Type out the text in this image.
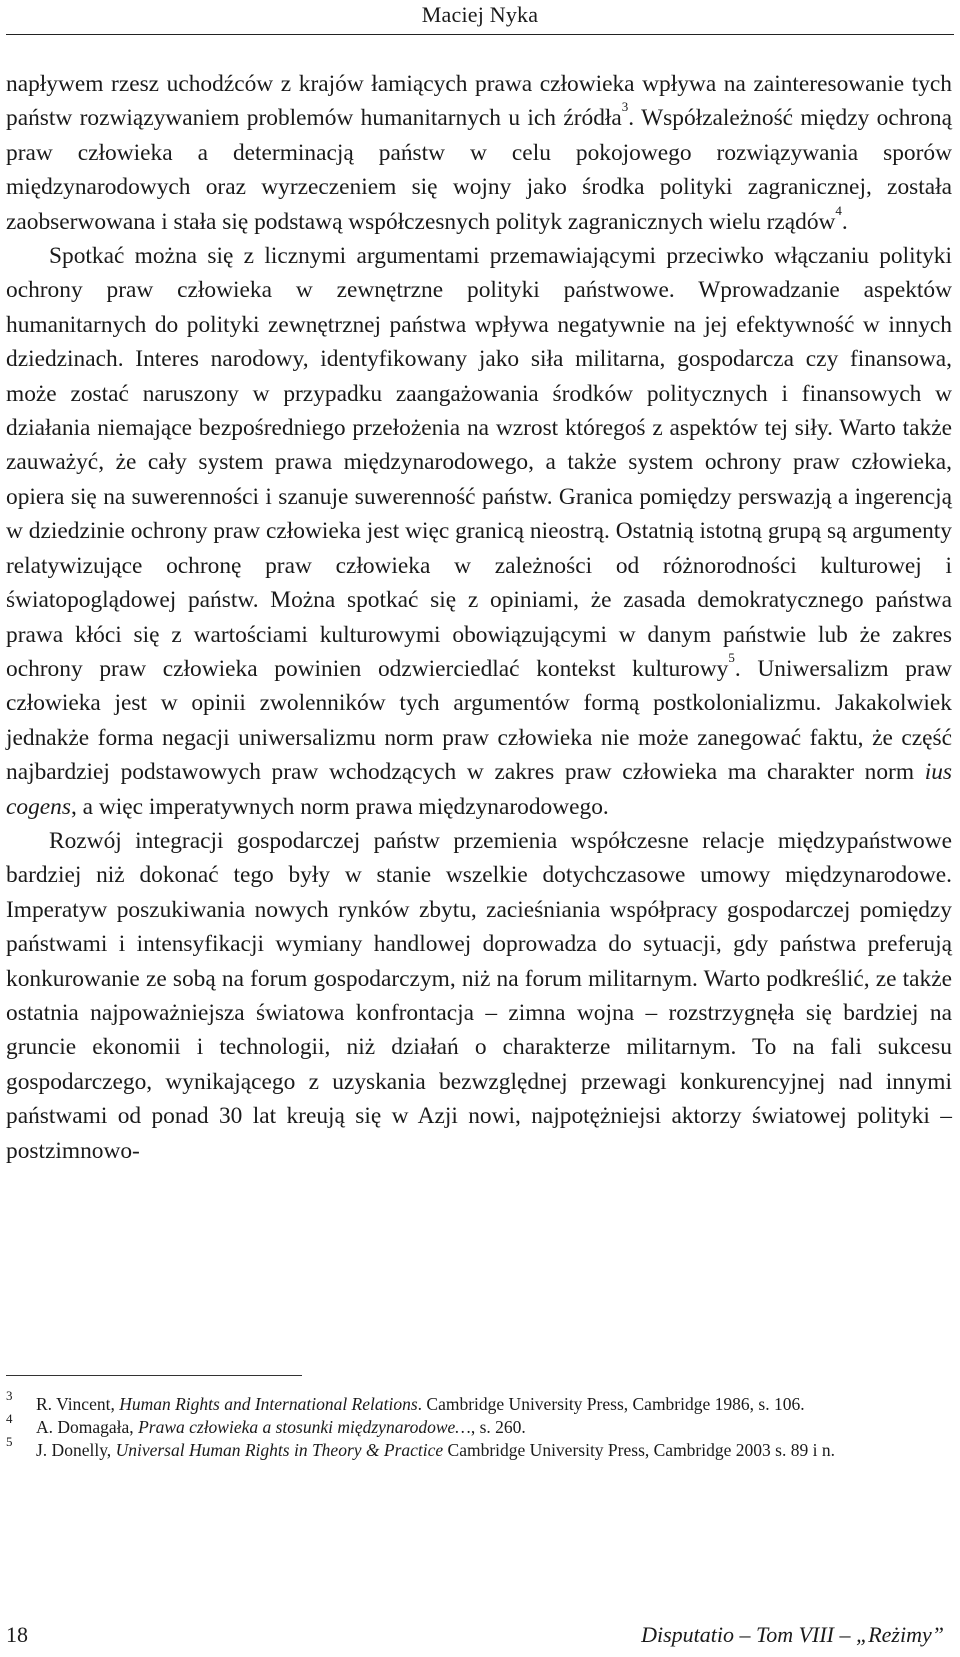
Maciej Nyka

napływem rzesz uchodźców z krajów łamiących prawa człowieka wpływa na zainteresowanie tych państw rozwiązywaniem problemów humanitarnych u ich źródła$^3$. Współzależność między ochroną praw człowieka a determinacją państw w celu pokojowego rozwiązywania sporów międzynarodowych oraz wyrzeczeniem się wojny jako środka polityki zagranicznej, została zaobserwowana i stała się podstawą współczesnych polityk zagranicznych wielu rządów$^4$.

Spotkać można się z licznymi argumentami przemawiającymi przeciwko włączaniu polityki ochrony praw człowieka w zewnętrzne polityki państwowe. Wprowadzanie aspektów humanitarnych do polityki zewnętrznej państwa wpływa negatywnie na jej efektywność w innych dziedzinach. Interes narodowy, identyfikowany jako siła militarna, gospodarcza czy finansowa, może zostać naruszony w przypadku zaangażowania środków politycznych i finansowych w działania niemające bezpośredniego przełożenia na wzrost któregoś z aspektów tej siły. Warto także zauważyć, że cały system prawa międzynarodowego, a także system ochrony praw człowieka, opiera się na suwerenności i szanuje suwerenność państw. Granica pomiędzy perswazją a ingerencją w dziedzinie ochrony praw człowieka jest więc granicą nieostrą. Ostatnią istotną grupą są argumenty relatywizujące ochronę praw człowieka w zależności od różnorodności kulturowej i światopoglądowej państw. Można spotkać się z opiniami, że zasada demokratycznego państwa prawa kłóci się z wartościami kulturowymi obowiązującymi w danym państwie lub że zakres ochrony praw człowieka powinien odzwierciedlać kontekst kulturowy$^5$. Uniwersalizm praw człowieka jest w opinii zwolenników tych argumentów formą postkolonializmu. Jakakolwiek jednakże forma negacji uniwersalizmu norm praw człowieka nie może zanegować faktu, że część najbardziej podstawowych praw wchodzących w zakres praw człowieka ma charakter norm ius cogens, a więc imperatywnych norm prawa międzynarodowego.

Rozwój integracji gospodarczej państw przemienia współczesne relacje międzypaństwowe bardziej niż dokonać tego były w stanie wszelkie dotychczasowe umowy międzynarodowe. Imperatyw poszukiwania nowych rynków zbytu, zacieśniania współpracy gospodarczej pomiędzy państwami i intensyfikacji wymiany handlowej doprowadza do sytuacji, gdy państwa preferują konkurowanie ze sobą na forum gospodarczym, niż na forum militarnym. Warto podkreślić, ze także ostatnia najpoważniejsza światowa konfrontacja – zimna wojna – rozstrzygnęła się bardziej na gruncie ekonomii i technologii, niż działań o charakterze militarnym. To na fali sukcesu gospodarczego, wynikającego z uzyskania bezwzględnej przewagi konkurencyjnej nad innymi państwami od ponad 30 lat kreują się w Azji nowi, najpotężniejsi aktorzy światowej polityki – postzimnowo-

3 R. Vincent, Human Rights and International Relations. Cambridge University Press, Cambridge 1986, s. 106.
4 A. Domagała, Prawa człowieka a stosunki międzynarodowe…, s. 260.
5 J. Donelly, Universal Human Rights in Theory & Practice Cambridge University Press, Cambridge 2003 s. 89 i n.
18	Disputatio – Tom VIII – „Reżimy”
